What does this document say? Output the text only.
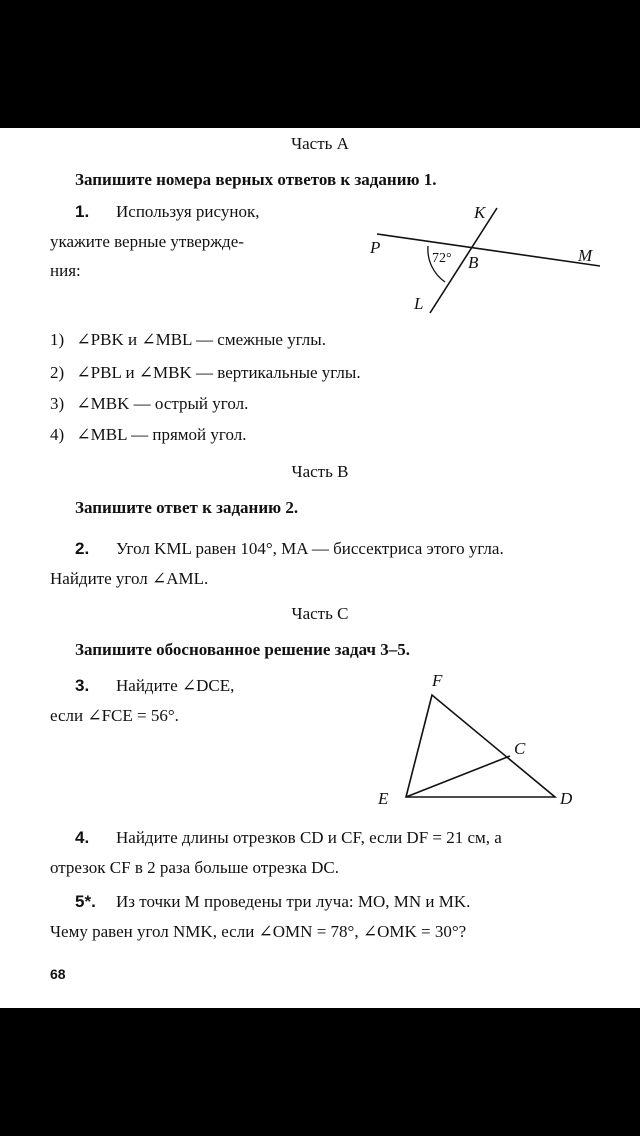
Часть А
Запишите номера верных ответов к заданию 1.
1. Используя рисунок,
укажите верные утвержде-
ния:
K
P
B	M
L
72°
1) ∠PBK и ∠MBL — смежные углы.
2) ∠PBL и ∠MBK — вертикальные углы.
3) ∠MBK — острый угол.
4) ∠MBL — прямой угол.
Часть В
Запишите ответ к заданию 2.
2. Угол KML равен 104°, MA — биссектриса этого угла.
Найдите угол ∠AML.
Часть С
Запишите обоснованное решение задач 3–5.
3. Найдите ∠DCE,
если ∠FCE = 56°.
F
C
E	D
4. Найдите длины отрезков CD и CF, если DF = 21 см, а
отрезок CF в 2 раза больше отрезка DC.
5*. Из точки M проведены три луча: MO, MN и MK.
Чему равен угол NMK, если ∠OMN = 78°, ∠OMK = 30°?
68
